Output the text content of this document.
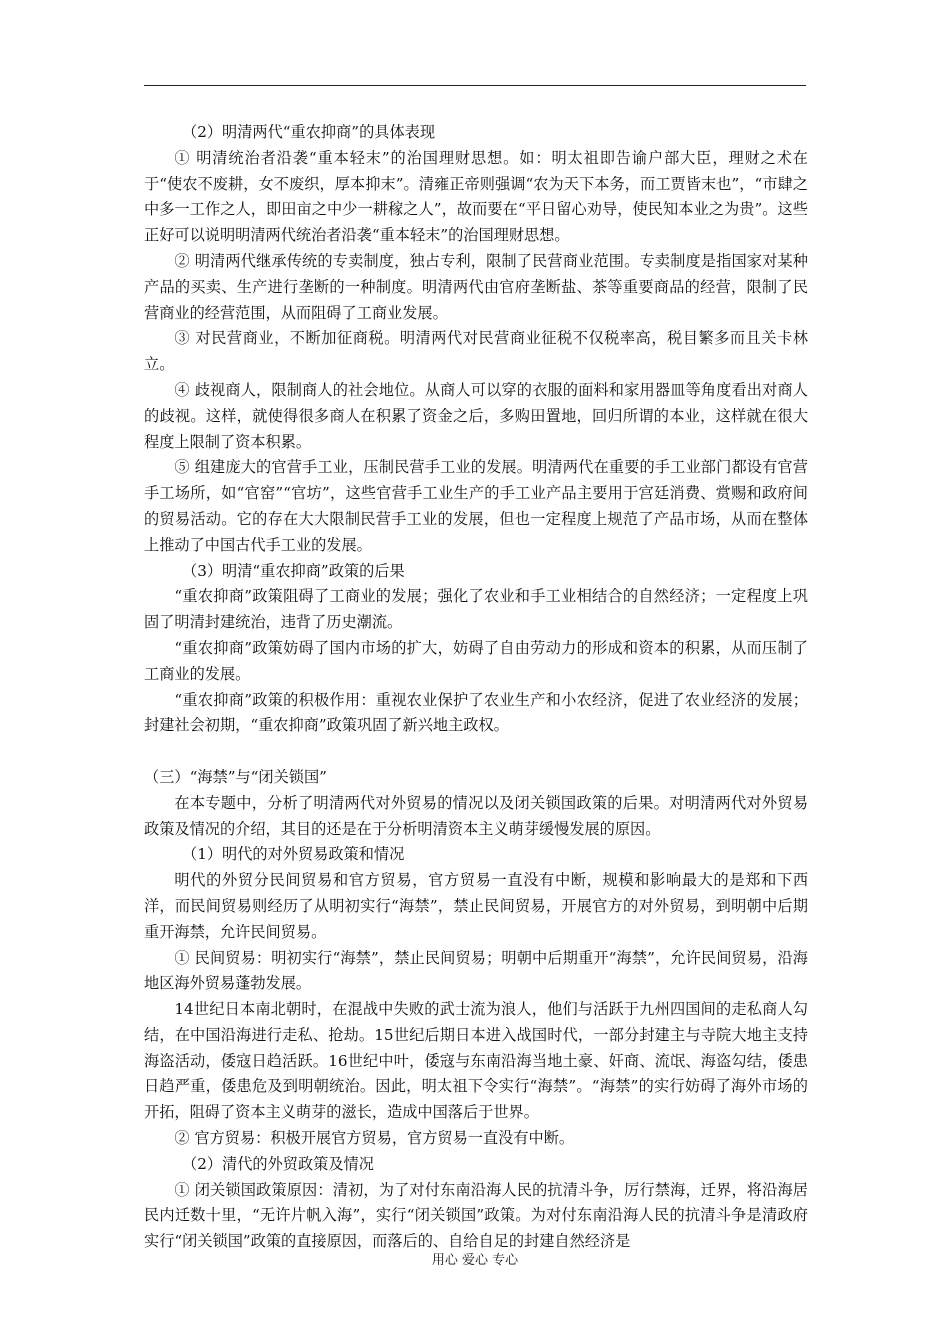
（2）明清两代“重农抑商”的具体表现

① 明清统治者沿袭“重本轻末”的治国理财思想。如：明太祖即告谕户部大臣，理财之术在于“使农不废耕，女不废织，厚本抑末”。清雍正帝则强调“农为天下本务，而工贾皆末也”，“市肆之中多一工作之人，即田亩之中少一耕稼之人”，故而要在“平日留心劝导，使民知本业之为贵”。这些正好可以说明明清两代统治者沿袭“重本轻末”的治国理财思想。

② 明清两代继承传统的专卖制度，独占专利，限制了民营商业范围。专卖制度是指国家对某种产品的买卖、生产进行垄断的一种制度。明清两代由官府垄断盐、茶等重要商品的经营，限制了民营商业的经营范围，从而阻碍了工商业发展。

③ 对民营商业，不断加征商税。明清两代对民营商业征税不仅税率高，税目繁多而且关卡林立。

④ 歧视商人，限制商人的社会地位。从商人可以穿的衣服的面料和家用器皿等角度看出对商人的歧视。这样，就使得很多商人在积累了资金之后，多购田置地，回归所谓的本业，这样就在很大程度上限制了资本积累。

⑤ 组建庞大的官营手工业，压制民营手工业的发展。明清两代在重要的手工业部门都设有官营手工场所，如“官窑”“官坊”，这些官营手工业生产的手工业产品主要用于宫廷消费、赏赐和政府间的贸易活动。它的存在大大限制民营手工业的发展，但也一定程度上规范了产品市场，从而在整体上推动了中国古代手工业的发展。

（3）明清“重农抑商”政策的后果

“重农抑商”政策阻碍了工商业的发展；强化了农业和手工业相结合的自然经济；一定程度上巩固了明清封建统治，违背了历史潮流。

“重农抑商”政策妨碍了国内市场的扩大，妨碍了自由劳动力的形成和资本的积累，从而压制了工商业的发展。

“重农抑商”政策的积极作用：重视农业保护了农业生产和小农经济，促进了农业经济的发展；封建社会初期，“重农抑商”政策巩固了新兴地主政权。

（三）“海禁”与“闭关锁国”

在本专题中，分析了明清两代对外贸易的情况以及闭关锁国政策的后果。对明清两代对外贸易政策及情况的介绍，其目的还是在于分析明清资本主义萌芽缓慢发展的原因。

（1）明代的对外贸易政策和情况

明代的外贸分民间贸易和官方贸易，官方贸易一直没有中断，规模和影响最大的是郑和下西洋，而民间贸易则经历了从明初实行“海禁”，禁止民间贸易，开展官方的对外贸易，到明朝中后期重开海禁，允许民间贸易。

① 民间贸易：明初实行“海禁”，禁止民间贸易；明朝中后期重开“海禁”，允许民间贸易，沿海地区海外贸易蓬勃发展。

14世纪日本南北朝时，在混战中失败的武士流为浪人，他们与活跃于九州四国间的走私商人勾结，在中国沿海进行走私、抢劫。15世纪后期日本进入战国时代，一部分封建主与寺院大地主支持海盗活动，倭寇日趋活跃。16世纪中叶，倭寇与东南沿海当地土豪、奸商、流氓、海盗勾结，倭患日趋严重，倭患危及到明朝统治。因此，明太祖下令实行“海禁”。“海禁”的实行妨碍了海外市场的开拓，阻碍了资本主义萌芽的滋长，造成中国落后于世界。

② 官方贸易：积极开展官方贸易，官方贸易一直没有中断。

（2）清代的外贸政策及情况

① 闭关锁国政策原因：清初，为了对付东南沿海人民的抗清斗争，厉行禁海，迁界，将沿海居民内迁数十里，“无许片帆入海”，实行“闭关锁国”政策。为对付东南沿海人民的抗清斗争是清政府实行“闭关锁国”政策的直接原因，而落后的、自给自足的封建自然经济是

用心 爱心 专心
